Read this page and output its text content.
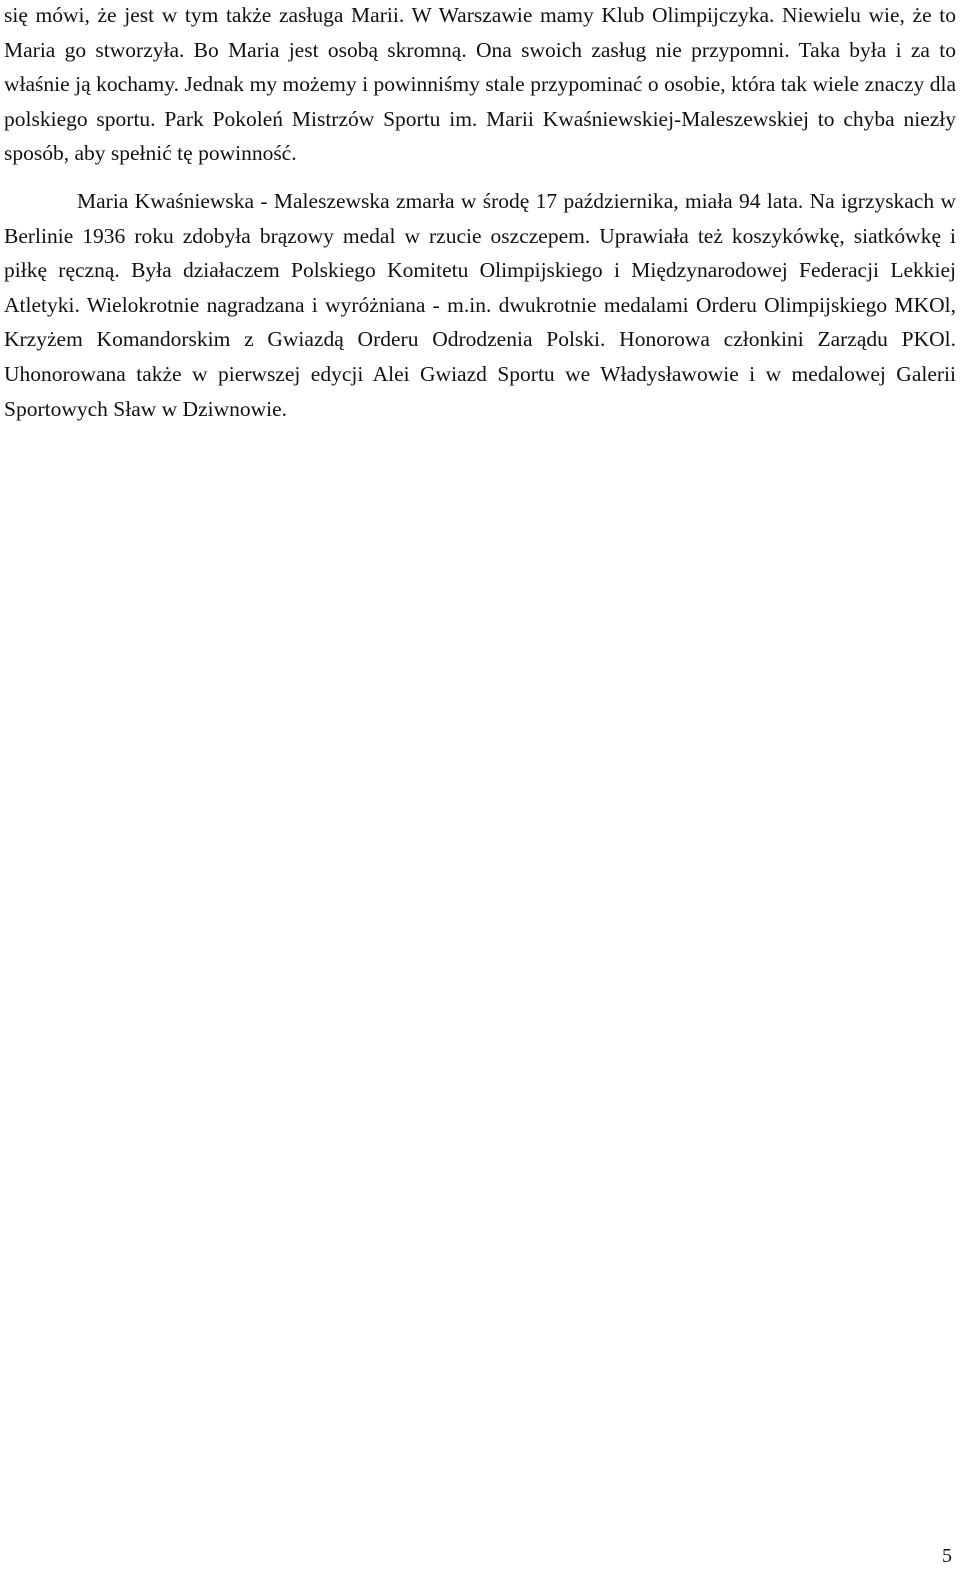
się mówi, że jest w tym także zasługa Marii. W Warszawie mamy Klub Olimpijczyka. Niewielu wie, że to Maria go stworzyła. Bo Maria jest osobą skromną. Ona swoich zasług nie przypomni. Taka była i za to właśnie ją kochamy. Jednak my możemy i powinniśmy stale przypominać o osobie, która tak wiele znaczy dla polskiego sportu. Park Pokoleń Mistrzów Sportu im. Marii Kwaśniewskiej-Maleszewskiej to chyba niezły sposób, aby spełnić tę powinność.

Maria Kwaśniewska - Maleszewska zmarła w środę 17 października, miała 94 lata. Na igrzyskach w Berlinie 1936 roku zdobyła brązowy medal w rzucie oszczepem. Uprawiała też koszykówkę, siatkówkę i piłkę ręczną. Była działaczem Polskiego Komitetu Olimpijskiego i Międzynarodowej Federacji Lekkiej Atletyki. Wielokrotnie nagradzana i wyróżniana - m.in. dwukrotnie medalami Orderu Olimpijskiego MKOl, Krzyżem Komandorskim z Gwiazdą Orderu Odrodzenia Polski. Honorowa członkini Zarządu PKOl. Uhonorowana także w pierwszej edycji Alei Gwiazd Sportu we Władysławowie i w medalowej Galerii Sportowych Sław w Dziwnowie.

5
